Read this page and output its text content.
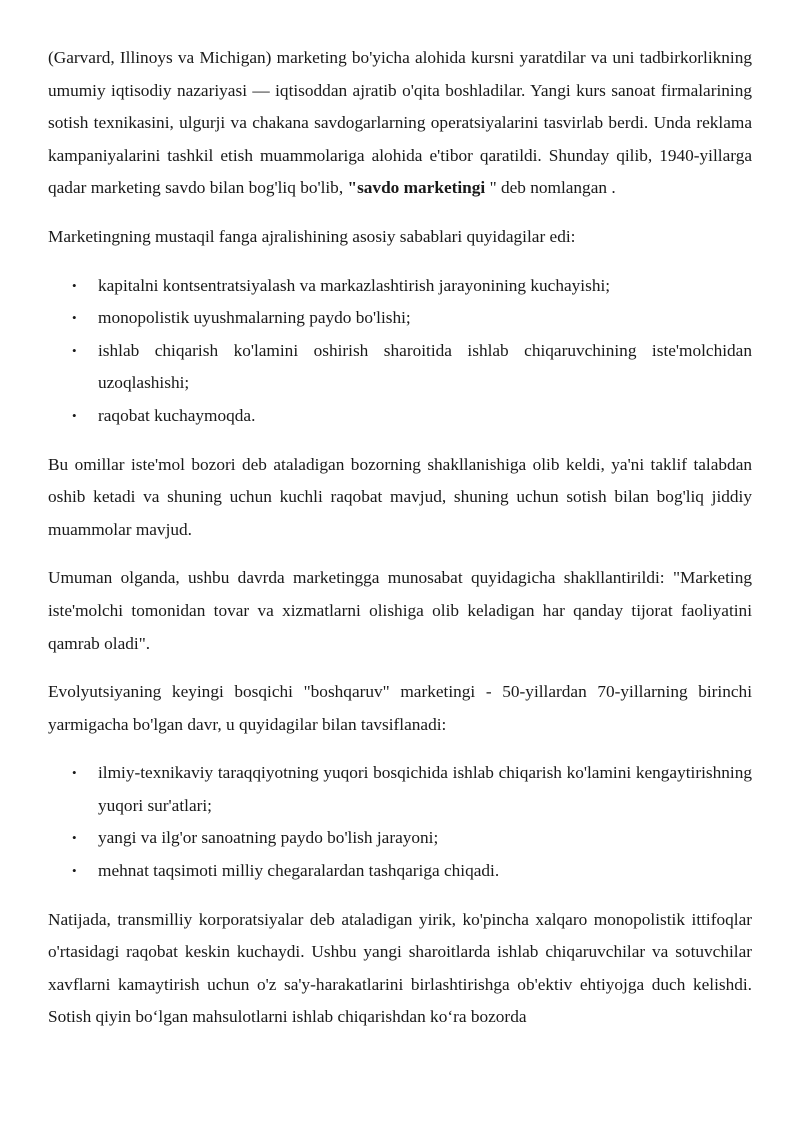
(Garvard, Illinoys va Michigan) marketing bo'yicha alohida kursni yaratdilar va uni tadbirkorlikning umumiy iqtisodiy nazariyasi — iqtisoddan ajratib o'qita boshladilar. Yangi kurs sanoat firmalarining sotish texnikasini, ulgurji va chakana savdogarlarning operatsiyalarini tasvirlab berdi. Unda reklama kampaniyalarini tashkil etish muammolariga alohida e'tibor qaratildi. Shunday qilib, 1940-yillarga qadar marketing savdo bilan bog'liq bo'lib, "savdo marketingi " deb nomlangan .

Marketingning mustaqil fanga ajralishining asosiy sabablari quyidagilar edi:

• kapitalni kontsentratsiyalash va markazlashtirish jarayonining kuchayishi;
• monopolistik uyushmalarning paydo bo'lishi;
• ishlab chiqarish ko'lamini oshirish sharoitida ishlab chiqaruvchining iste'molchidan uzoqlashishi;
• raqobat kuchaymoqda.

Bu omillar iste'mol bozori deb ataladigan bozorning shakllanishiga olib keldi, ya'ni taklif talabdan oshib ketadi va shuning uchun kuchli raqobat mavjud, shuning uchun sotish bilan bog'liq jiddiy muammolar mavjud.

Umuman olganda, ushbu davrda marketingga munosabat quyidagicha shakllantirildi: "Marketing iste'molchi tomonidan tovar va xizmatlarni olishiga olib keladigan har qanday tijorat faoliyatini qamrab oladi".

Evolyutsiyaning keyingi bosqichi "boshqaruv" marketingi - 50-yillardan 70-yillarning birinchi yarmigacha bo'lgan davr, u quyidagilar bilan tavsiflanadi:

• ilmiy-texnikaviy taraqqiyotning yuqori bosqichida ishlab chiqarish ko'lamini kengaytirishning yuqori sur'atlari;
• yangi va ilg'or sanoatning paydo bo'lish jarayoni;
• mehnat taqsimoti milliy chegaralardan tashqariga chiqadi.

Natijada, transmilliy korporatsiyalar deb ataladigan yirik, ko'pincha xalqaro monopolistik ittifoqlar o'rtasidagi raqobat keskin kuchaydi. Ushbu yangi sharoitlarda ishlab chiqaruvchilar va sotuvchilar xavflarni kamaytirish uchun o'z sa'y-harakatlarini birlashtirishga ob'ektiv ehtiyojga duch kelishdi. Sotish qiyin bo‘lgan mahsulotlarni ishlab chiqarishdan ko‘ra bozorda
